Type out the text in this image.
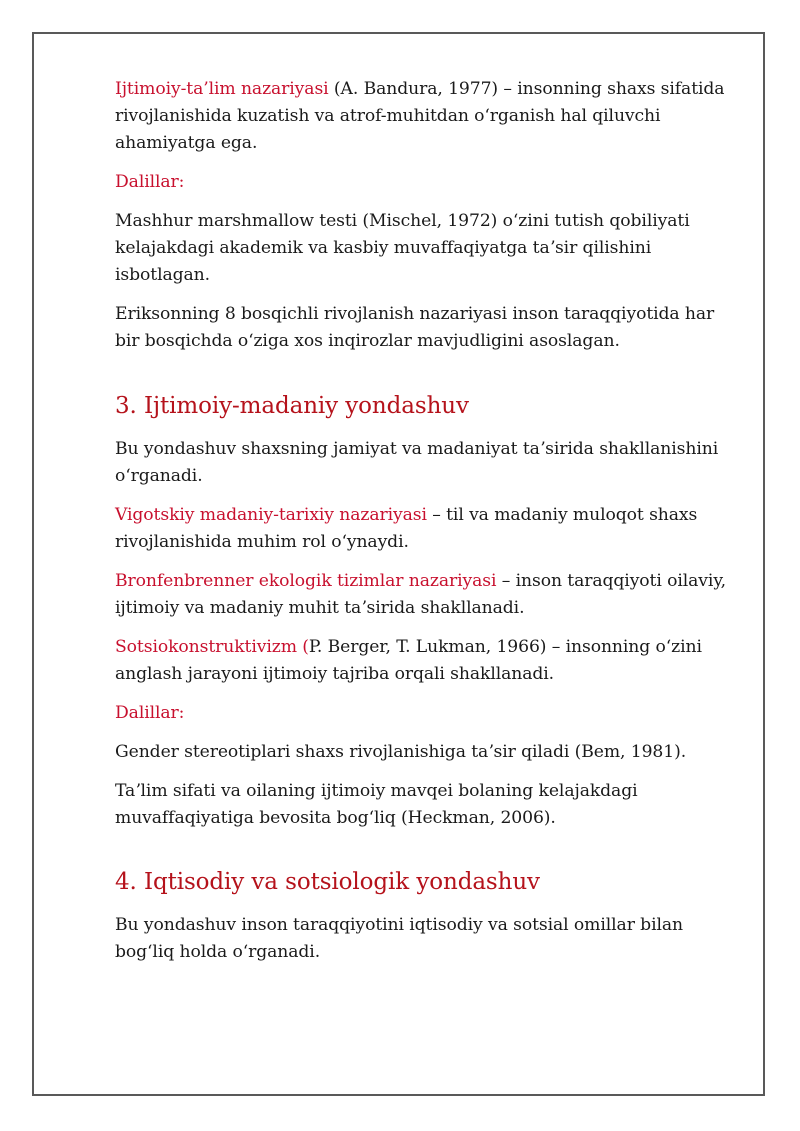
Ijtimoiy-ta’lim nazariyasi (A. Bandura, 1977) – insonning shaxs sifatida rivojlanishida kuzatish va atrof-muhitdan oʻrganish hal qiluvchi ahamiyatga ega.

Dalillar:

Mashhur marshmallow testi (Mischel, 1972) oʻzini tutish qobiliyati kelajakdagi akademik va kasbiy muvaffaqiyatga taʼsir qilishini isbotlagan.

Eriksonning 8 bosqichli rivojlanish nazariyasi inson taraqqiyotida har bir bosqichda oʻziga xos inqirozlar mavjudligini asoslagan.

3. Ijtimoiy-madaniy yondashuv

Bu yondashuv shaxsning jamiyat va madaniyat taʼsirida shakllanishini oʻrganadi.

Vigotskiy madaniy-tarixiy nazariyasi – til va madaniy muloqot shaxs rivojlanishida muhim rol oʻynaydi.

Bronfenbrenner ekologik tizimlar nazariyasi – inson taraqqiyoti oilaviy, ijtimoiy va madaniy muhit taʼsirida shakllanadi.

Sotsiokonstruktivizm (P. Berger, T. Lukman, 1966) – insonning oʻzini anglash jarayoni ijtimoiy tajriba orqali shakllanadi.

Dalillar:

Gender stereotiplari shaxs rivojlanishiga taʼsir qiladi (Bem, 1981).

Taʼlim sifati va oilaning ijtimoiy mavqei bolaning kelajakdagi muvaffaqiyatiga bevosita bogʻliq (Heckman, 2006).

4. Iqtisodiy va sotsiologik yondashuv

Bu yondashuv inson taraqqiyotini iqtisodiy va sotsial omillar bilan bogʻliq holda oʻrganadi.
